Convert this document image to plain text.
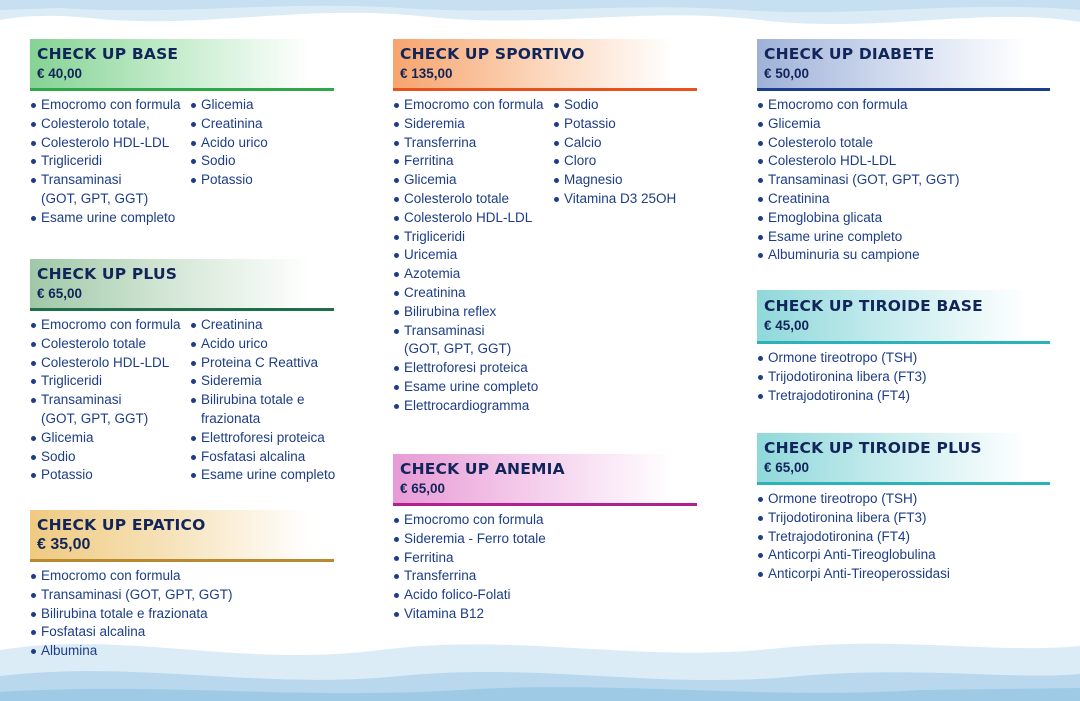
CHECK UP BASE
€ 40,00
Emocromo con formula
Colesterolo totale,
Colesterolo HDL-LDL
Trigliceridi
Transaminasi
(GOT, GPT, GGT)
Esame urine completo
Glicemia
Creatinina
Acido urico
Sodio
Potassio
CHECK UP PLUS
€ 65,00
Emocromo con formula
Colesterolo totale
Colesterolo HDL-LDL
Trigliceridi
Transaminasi
(GOT, GPT, GGT)
Glicemia
Sodio
Potassio
Creatinina
Acido urico
Proteina C Reattiva
Sideremia
Bilirubina totale e
frazionata
Elettroforesi proteica
Fosfatasi alcalina
Esame urine completo
CHECK UP EPATICO
€ 35,00
Emocromo con formula
Transaminasi (GOT, GPT, GGT)
Bilirubina totale e frazionata
Fosfatasi alcalina
Albumina
CHECK UP SPORTIVO
€ 135,00
Emocromo con formula
Sideremia
Transferrina
Ferritina
Glicemia
Colesterolo totale
Colesterolo HDL-LDL
Trigliceridi
Uricemia
Azotemia
Creatinina
Bilirubina reflex
Transaminasi
(GOT, GPT, GGT)
Elettroforesi proteica
Esame urine completo
Elettrocardiogramma
Sodio
Potassio
Calcio
Cloro
Magnesio
Vitamina D3 25OH
CHECK UP ANEMIA
€ 65,00
Emocromo con formula
Sideremia - Ferro totale
Ferritina
Transferrina
Acido folico-Folati
Vitamina B12
CHECK UP DIABETE
€ 50,00
Emocromo con formula
Glicemia
Colesterolo totale
Colesterolo HDL-LDL
Transaminasi (GOT, GPT, GGT)
Creatinina
Emoglobina glicata
Esame urine completo
Albuminuria su campione
CHECK UP TIROIDE BASE
€ 45,00
Ormone tireotropo (TSH)
Trijodotironina libera (FT3)
Tretrajodotironina (FT4)
CHECK UP TIROIDE PLUS
€ 65,00
Ormone tireotropo (TSH)
Trijodotironina libera (FT3)
Tretrajodotironina (FT4)
Anticorpi Anti-Tireoglobulina
Anticorpi Anti-Tireoperossidasi
